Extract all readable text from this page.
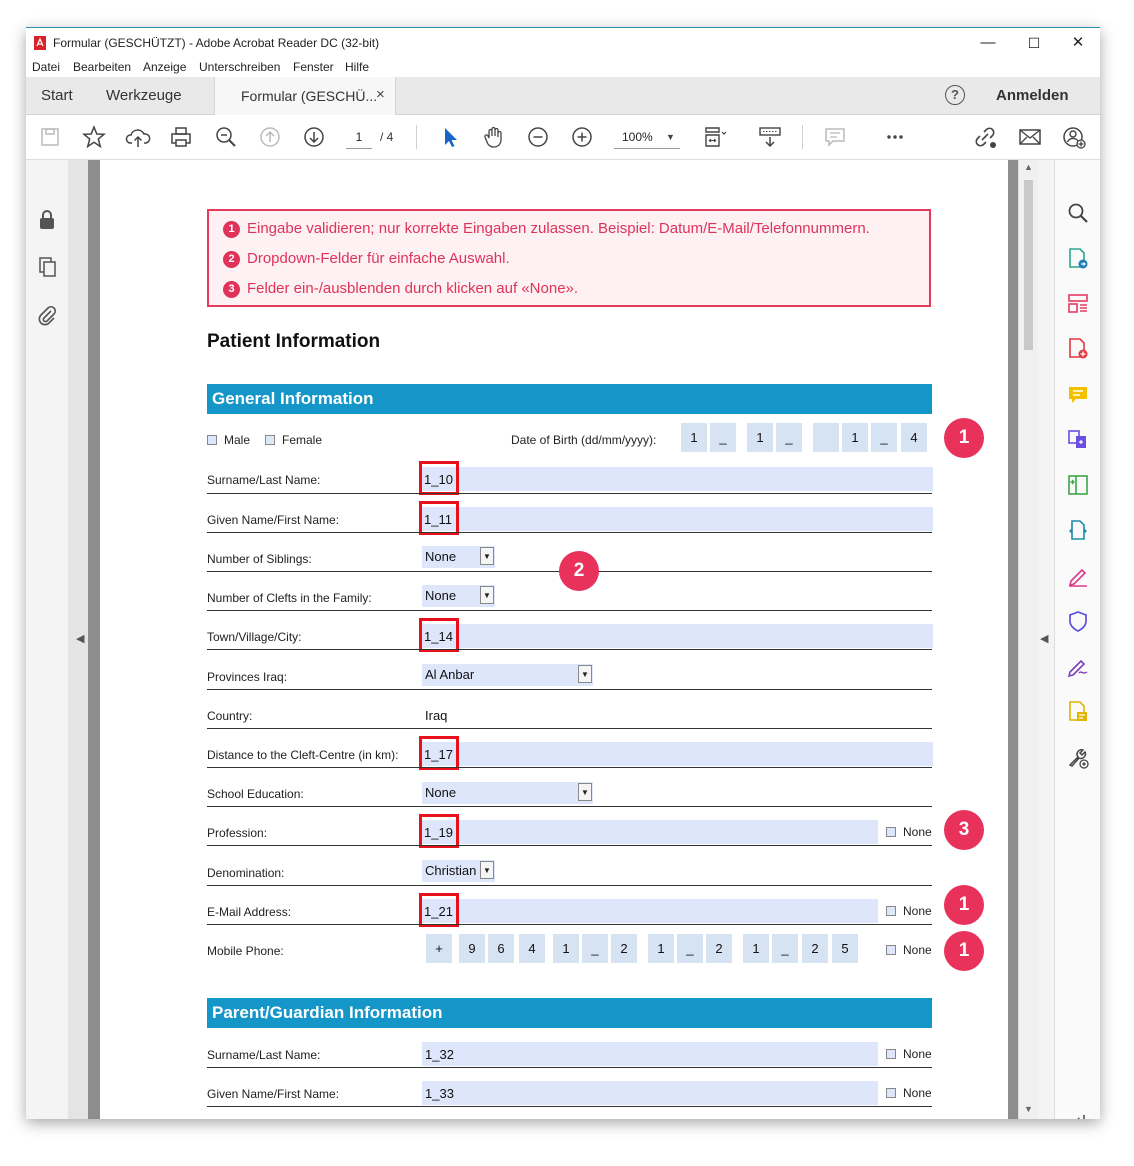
Formular (GESCHÜTZT) - Adobe Acrobat Reader DC (32-bit)	—	☐	✕
Datei Bearbeiten Anzeige Unterschreiben Fenster Hilfe
Start Werkzeuge	Formular (GESCHÜ...
×	?	Anmelden
1	/ 4	100% ▼
◀
▲
▼
◀
1 Eingabe validieren; nur korrekte Eingaben zulassen. Beispiel: Datum/E-Mail/Telefonnummern.
2 Dropdown-Felder für einfache Auswahl.
3 Felder ein-/ausblenden durch klicken auf «None».
Patient Information
General Information
Male	Female	Date of Birth (dd/mm/yyyy):	1	_	1	_	1	_	4	1
Surname/Last Name:	1_10
Given Name/First Name:	1_11
Number of Siblings:	None	▼
2
Number of Clefts in the Family:	None	▼
Town/Village/City:	1_14
Provinces Iraq:	Al Anbar	▼
Country:	Iraq
Distance to the Cleft-Centre (in km):	1_17
School Education:	None	▼
Profession:	1_19	None	3
Denomination:	Christian ▼
E-Mail Address:	1_21	None	1
Mobile Phone:	+	9	6	4	1	_	2	1	_	2	1	_	2	5	None	1
Parent/Guardian Information
Surname/Last Name:	1_32	None
Given Name/First Name:	1_33	None
